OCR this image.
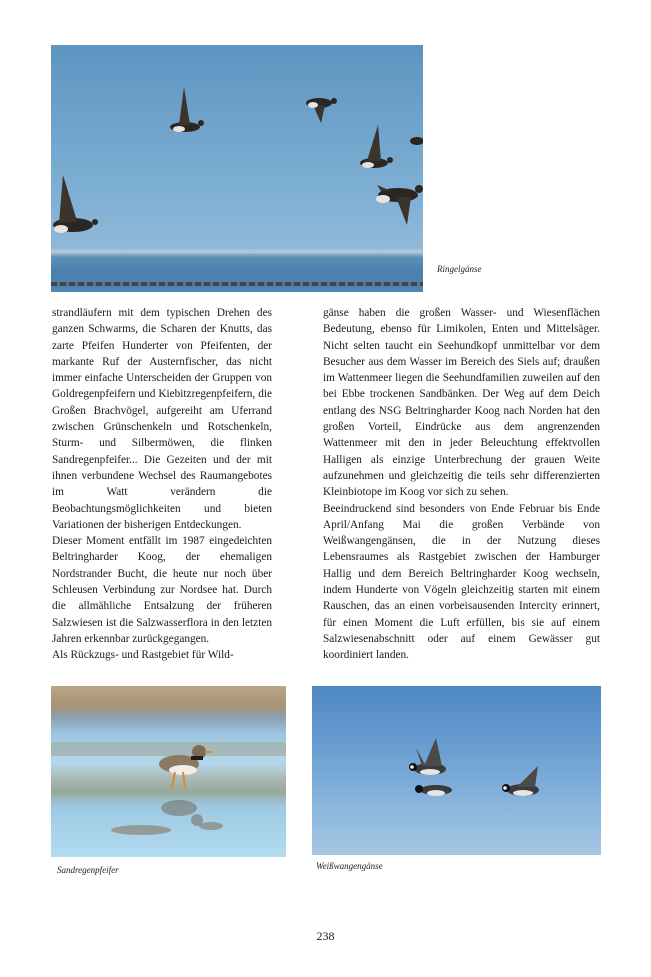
Ringelgänse

strandläufern mit dem typischen Drehen des ganzen Schwarms, die Scharen der Knutts, das zarte Pfeifen Hunderter von Pfeifenten, der markante Ruf der Austernfischer, das nicht immer einfache Unterscheiden der Gruppen von Goldregenpfeifern und Kiebitzregenpfeifern, die Großen Brachvögel, aufgereiht am Uferrand zwischen Grünschenkeln und Rotschenkeln, Sturm- und Silbermöwen, die flinken Sandregenpfeifer... Die Gezeiten und der mit ihnen verbundene Wechsel des Raumangebotes im Watt verändern die Beobachtungsmöglichkeiten und bieten Variationen der bisherigen Entdeckungen.

Dieser Moment entfällt im 1987 eingedeichten Beltringharder Koog, der ehemaligen Nordstrander Bucht, die heute nur noch über Schleusen Verbindung zur Nordsee hat. Durch die allmähliche Entsalzung der früheren Salzwiesen ist die Salzwasserflora in den letzten Jahren erkennbar zurückgegangen.

Als Rückzugs- und Rastgebiet für Wild-

gänse haben die großen Wasser- und Wiesenflächen Bedeutung, ebenso für Limikolen, Enten und Mittelsäger. Nicht selten taucht ein Seehundkopf unmittelbar vor dem Besucher aus dem Wasser im Bereich des Siels auf; draußen im Wattenmeer liegen die Seehundfamilien zuweilen auf den bei Ebbe trockenen Sandbänken. Der Weg auf dem Deich entlang des NSG Beltringharder Koog nach Norden hat den großen Vorteil, Eindrücke aus dem angrenzenden Wattenmeer mit den in jeder Beleuchtung effektvollen Halligen als einzige Unterbrechung der grauen Weite aufzunehmen und gleichzeitig die teils sehr differenzierten Kleinbiotope im Koog vor sich zu sehen.

Beeindruckend sind besonders von Ende Februar bis Ende April/Anfang Mai die großen Verbände von Weißwangengänsen, die in der Nutzung dieses Lebensraumes als Rastgebiet zwischen der Hamburger Hallig und dem Bereich Beltringharder Koog wechseln, indem Hunderte von Vögeln gleichzeitig starten mit einem Rauschen, das an einen vorbeisausenden Intercity erinnert, für einen Moment die Luft erfüllen, bis sie auf einem Salzwiesenabschnitt oder auf einem Gewässer gut koordiniert landen.

Sandregenpfeifer	Weißwangengänse
238
